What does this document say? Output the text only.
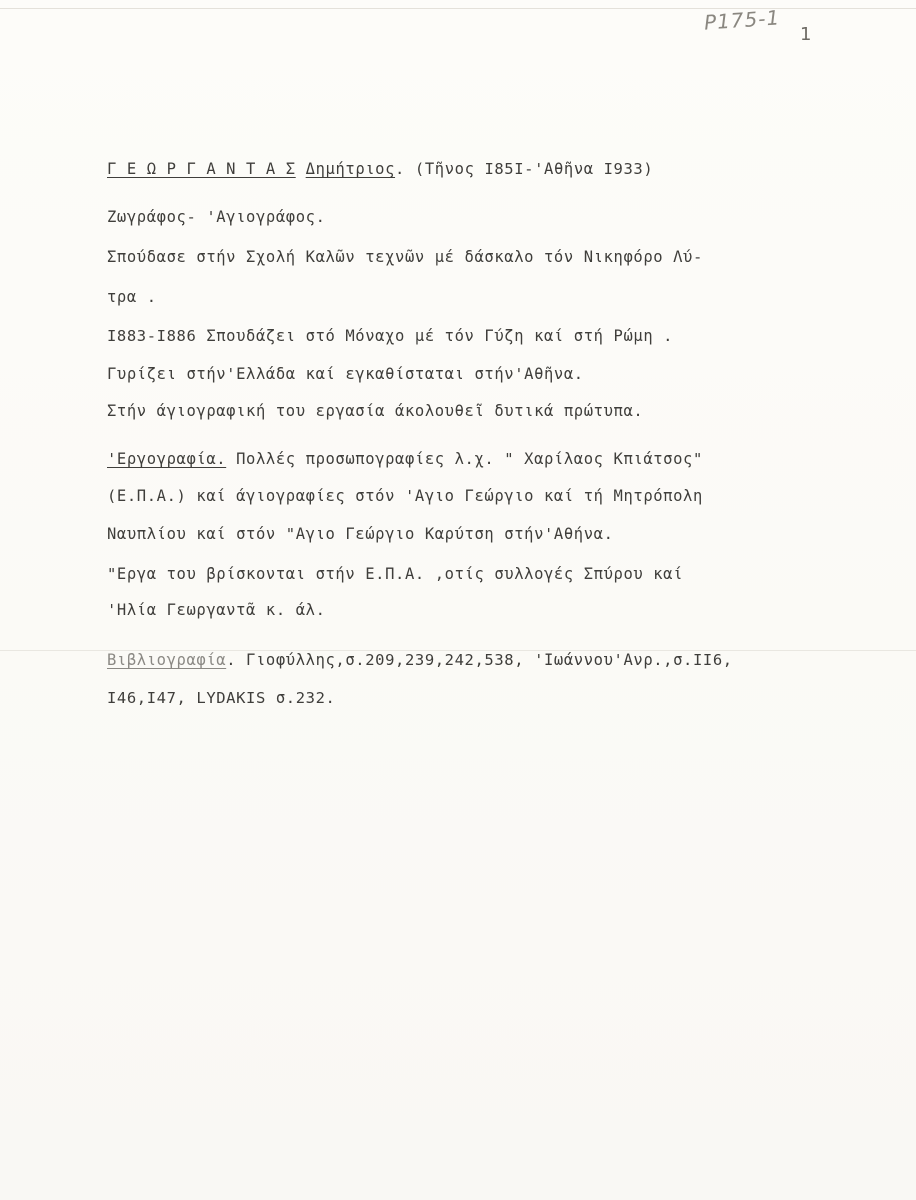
P175-1 1
Γ Ε Ω Ρ Γ Α Ν Τ Α Σ Δημήτριος. (Τῆνος I85I-'Αθῆνα I933)
Ζωγράφος- 'Αγιογράφος.
Σπούδασε στήν Σχολή Καλῶν τεχνῶν μέ δάσκαλο τόν Νικηφόρο Λύ-
τρα .
I883-I886 Σπουδάζει στό Μόναχο μέ τόν Γύζη καί στή Ρώμη .
Γυρίζει στήν'Ελλάδα καί εγκαθίσταται στήν'Αθῆνα.
Στήν άγιογραφική του εργασία άκολουθεῖ δυτικά πρώτυπα.
'Εργογραφία. Πολλές προσωπογραφίες λ.χ. " Χαρίλαος Κπιάτσος"
(Ε.Π.Α.) καί άγιογραφίες στόν 'Αγιο Γεώργιο καί τή Μητρόπολη
Ναυπλίου καί στόν "Αγιο Γεώργιο Καρύτση στήν'Αθήνα.
"Εργα του βρίσκονται στήν Ε.Π.Α. ,οτίς συλλογές Σπύρου καί
'Ηλία Γεωργαντᾶ κ. άλ.
Βιβλιογραφία. Γιοφύλλης,σ.209,239,242,538, 'Ιωάννου'Ανρ.,σ.II6,
I46,I47, LYDAKIS σ.232.
